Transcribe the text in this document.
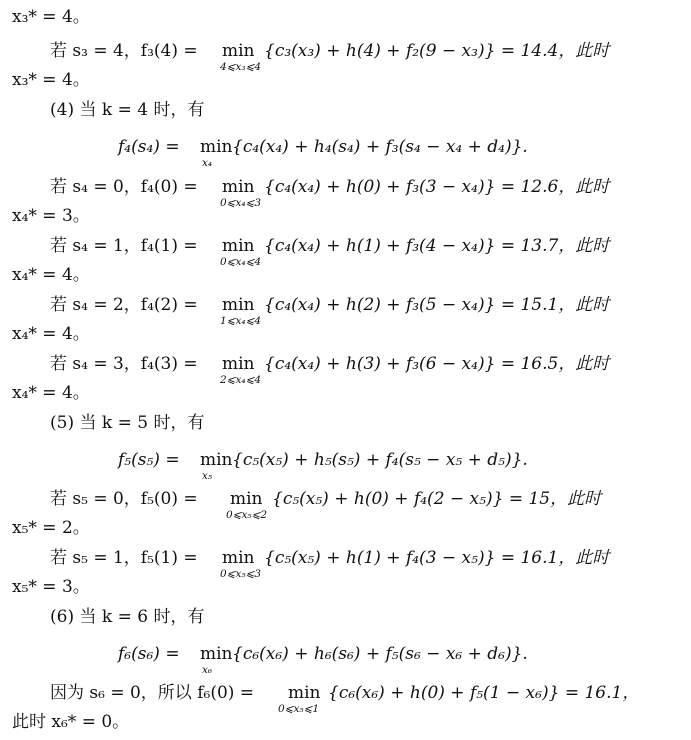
x₃* = 4。
若 s₃ = 4，f₃(4) = min
4⩽x₃⩽4
{c₃(x₃) + h(4) + f₂(9 − x₃)} = 14.4，此时
x₃* = 4。
(4) 当 k = 4 时，有
f₄(s₄) = min
x₄
{c₄(x₄) + h₄(s₄) + f₃(s₄ − x₄ + d₄)}.
若 s₄ = 0，f₄(0) = min
0⩽x₄⩽3
{c₄(x₄) + h(0) + f₃(3 − x₄)} = 12.6，此时
x₄* = 3。
若 s₄ = 1，f₄(1) = min
0⩽x₄⩽4
{c₄(x₄) + h(1) + f₃(4 − x₄)} = 13.7，此时
x₄* = 4。
若 s₄ = 2，f₄(2) = min
1⩽x₄⩽4
{c₄(x₄) + h(2) + f₃(5 − x₄)} = 15.1，此时
x₄* = 4。
若 s₄ = 3，f₄(3) = min
2⩽x₄⩽4
{c₄(x₄) + h(3) + f₃(6 − x₄)} = 16.5，此时
x₄* = 4。
(5) 当 k = 5 时，有
f₅(s₅) = min
x₅
{c₅(x₅) + h₅(s₅) + f₄(s₅ − x₅ + d₅)}.
若 s₅ = 0，f₅(0) = min
0⩽x₅⩽2
{c₅(x₅) + h(0) + f₄(2 − x₅)} = 15，此时
x₅* = 2。
若 s₅ = 1，f₅(1) = min
0⩽x₅⩽3
{c₅(x₅) + h(1) + f₄(3 − x₅)} = 16.1，此时
x₅* = 3。
(6) 当 k = 6 时，有
f₆(s₆) = min
x₆
{c₆(x₆) + h₆(s₆) + f₅(s₆ − x₆ + d₆)}.
因为 s₆ = 0，所以 f₆(0) = min
0⩽x₅⩽1
{c₆(x₆) + h(0) + f₅(1 − x₆)} = 16.1，
此时 x₆* = 0。
